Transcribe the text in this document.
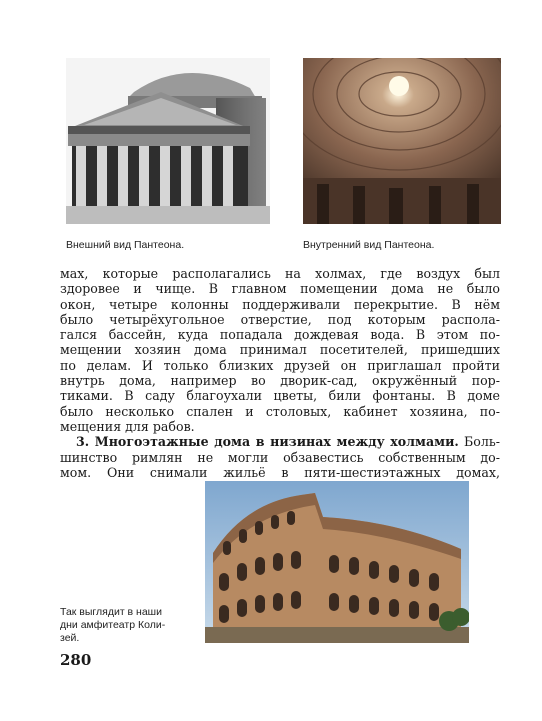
Внешний вид Пантеона.	Внутренний вид Пантеона.
мах, которые располагались на холмах, где воздух был
здоровее и чище. В главном помещении дома не было
окон, четыре колонны поддерживали перекрытие. В нём
было четырёхугольное отверстие, под которым распола-
гался бассейн, куда попадала дождевая вода. В этом по-
мещении хозяин дома принимал посетителей, пришедших
по делам. И только близких друзей он приглашал пройти
внутрь дома, например во дворик-сад, окружённый пор-
тиками. В саду благоухали цветы, били фонтаны. В доме
было несколько спален и столовых, кабинет хозяина, по-
мещения для рабов.
3. Многоэтажные дома в низинах между холмами. Боль-
шинство римлян не могли обзавестись собственным до-
мом. Они снимали жильё в пяти-шестиэтажных домах,
Так выглядит в наши
дни амфитеатр Коли-
зей.
280
